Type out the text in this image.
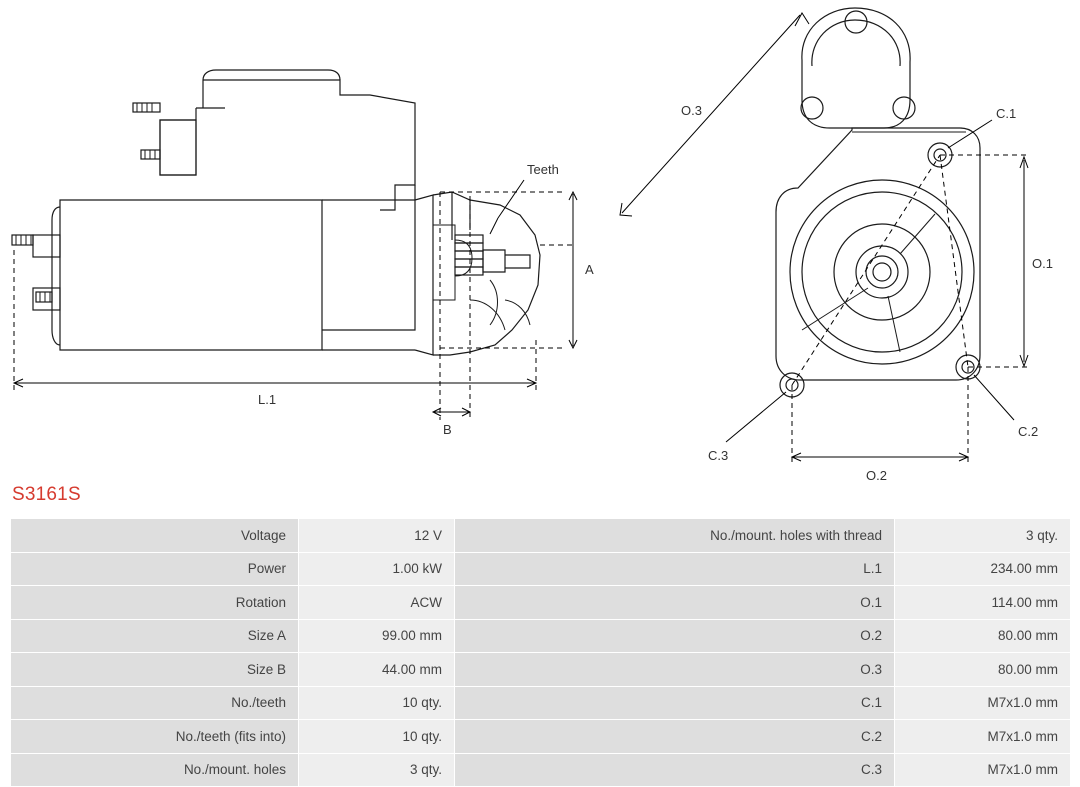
Teeth
A
B
L.1
O.3
O.1
O.2
C.1
C.2
C.3
S3161S
Voltage	12 V	No./mount. holes with thread	3 qty.
Power	1.00 kW	L.1	234.00 mm
Rotation	ACW	O.1	114.00 mm
Size A	99.00 mm	O.2	80.00 mm
Size B	44.00 mm	O.3	80.00 mm
No./teeth	10 qty.	C.1	M7x1.0 mm
No./teeth (fits into)	10 qty.	C.2	M7x1.0 mm
No./mount. holes	3 qty.	C.3	M7x1.0 mm
